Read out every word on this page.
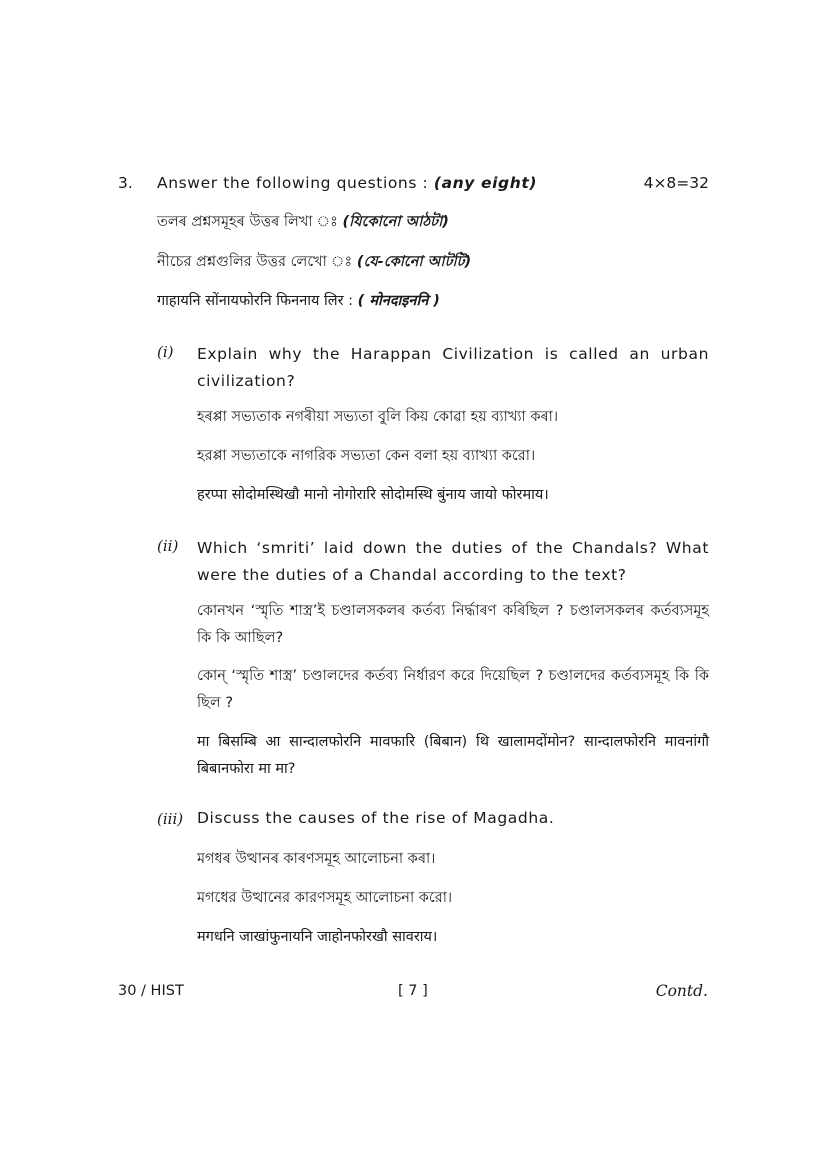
3. Answer the following questions : (any eight)	4×8=32
তলৰ প্ৰশ্নসমূহৰ উত্তৰ লিখা ঃ (যিকোনো আঠটা)
নীচের প্রশ্নগুলির উত্তর লেখো ঃ (যে-কোনো আটটি)
गाहायनि सोंनायफोरनि फिननाय लिर : ( मोनदाइननि )
(i) Explain why the Harappan Civilization is called an urban civilization?
হৰপ্পা সভ্যতাক নগৰীয়া সভ্যতা বুলি কিয় কোৱা হয় ব্যাখ্যা কৰা।
হরপ্পা সভ্যতাকে নাগরিক সভ্যতা কেন বলা হয় ব্যাখ্যা করো।
हरप्पा सोदोमस्थिखौ मानो नोगोरारि सोदोमस्थि बुंनाय जायो फोरमाय।
(ii) Which ‘smriti’ laid down the duties of the Chandals? What were the duties of a Chandal according to the text?
কোনখন ‘স্মৃতি শাস্ত্ৰ’ই চণ্ডালসকলৰ কৰ্তব্য নিৰ্দ্ধাৰণ কৰিছিল ? চণ্ডালসকলৰ কৰ্তব্যসমূহ কি কি আছিল?
কোন্ ‘স্মৃতি শাস্ত্র’ চণ্ডালদের কর্তব্য নির্ধারণ করে দিয়েছিল ? চণ্ডালদের কর্তব্যসমূহ কি কি ছিল ?
मा बिसम्बि आ सान्दालफोरनि मावफारि (बिबान) थि खालामदोंमोन? सान्दालफोरनि मावनांगौ बिबानफोरा मा मा?
(iii) Discuss the causes of the rise of Magadha.
মগধৰ উত্থানৰ কাৰণসমূহ আলোচনা কৰা।
মগধের উত্থানের কারণসমূহ আলোচনা করো।
मगधनि जाखांफुनायनि जाहोनफोरखौ सावराय।
30 / HIST	[ 7 ]	Contd.
